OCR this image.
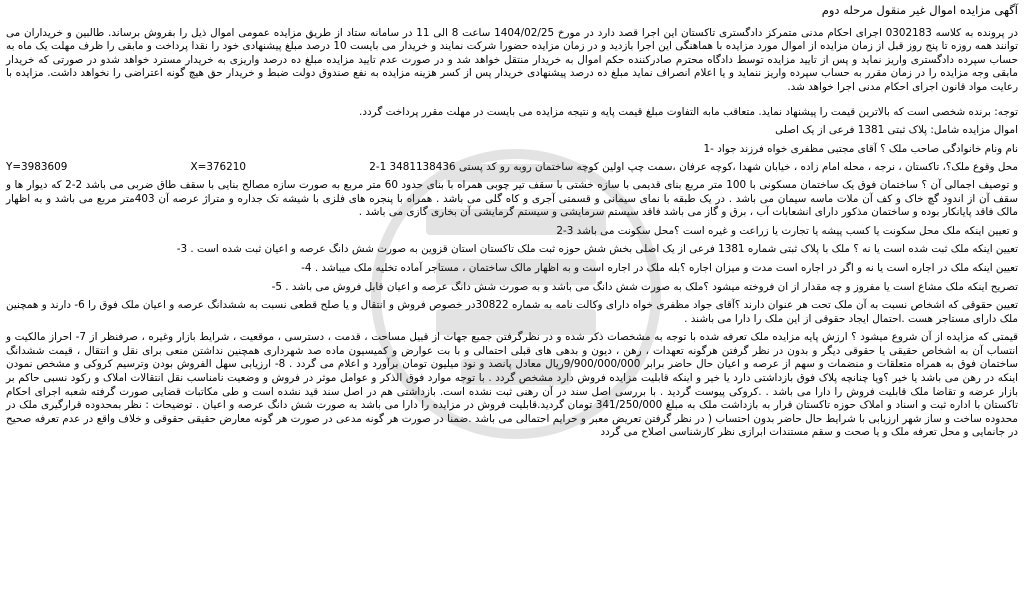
آگهی مزایده اموال غیر منقول مرحله دوم

در پرونده به کلاسه 0302183 اجرای احکام مدنی متمرکز دادگستری تاکستان این اجرا قصد دارد در مورخ 1404/02/25 ساعت 8 الی 11 در سامانه ستاد از طریق مزایده عمومی اموال ذیل را بفروش برساند. طالبین و خریداران می توانند همه روزه تا پنج روز قبل از زمان مزایده از اموال مورد مزایده با هماهنگی این اجرا بازدید و در زمان مزایده حضورا شرکت نمایند و خریدار می بایست 10 درصد مبلغ پیشنهادی خود را نقدا پرداخت و مابقی را ظرف مهلت یک ماه به حساب سپرده دادگستری واریز نماید و پس از تایید مزایده توسط دادگاه محترم صادرکننده حکم اموال به خریدار منتقل خواهد شد و در صورت عدم تایید مزایده مبلغ ده درصد واریزی به خریدار مسترد خواهد شدو در صورتی که خریدار مابقی وجه مزایده را در زمان مقرر به حساب سپرده واریز ننماید و یا اعلام انصراف نماید مبلغ ده درصد پیشنهادی خریدار پس از کسر هزینه مزایده به نفع صندوق دولت ضبط و خریدار حق هیچ گونه اعتراضی را نخواهد داشت. مزایده با رعایت مواد قانون اجرای احکام مدنی اجرا خواهد شد.

توجه: برنده شخصی است که بالاترین قیمت را پیشنهاد نماید. متعاقب مابه التفاوت مبلغ قیمت پایه و نتیجه مزایده می بایست در مهلت مقرر پرداخت گردد.

اموال مزایده شامل: پلاک ثبتی 1381 فرعی از یک اصلی

نام ونام خانوادگی صاحب ملک ؟ آقای مجتبی مظفری خواه فرزند جواد -1

محل وقوع ملک؟، تاکستان ، نرجه ، محله امام زاده ، خیابان شهدا ،کوچه عرفان ،سمت چپ اولین کوچه ساختمان روبه رو کد پستی 3481138436 1-2
X=376210
Y=3983609

و توصیف اجمالی آن ؟ ساختمان فوق یک ساختمان مسکونی با 100 متر مربع بنای قدیمی با سازه خشتی با سقف تیر چوبی همراه با بنای حدود 60 متر مربع به صورت سازه مصالح بنایی با سقف طاق ضربی می باشد 2-2 که دیوار ها و سقف آن از اندود گچ خاک و کف آن ملات ماسه سیمان می باشد . در یک طبقه با نمای سیمانی و قسمتی آجری و کاه گلی می باشد . همراه با پنجره های فلزی با شیشه تک جداره و متراژ عرصه آن 403متر مربع می باشد و به اظهار مالک فاقد پایانکار بوده و ساختمان مذکور دارای انشعابات آب ، برق و گاز می باشد فاقد سیستم سرمایشی و سیستم گرمایشی آن بخاری گازی می باشد .

و تعیین اینکه ملک محل سکونت یا کسب پیشه یا تجارت یا زراعت و غیره است ؟محل سکونت می باشد 3-2

تعیین اینکه ملک ثبت شده است یا نه ؟ ملک با پلاک ثبتی شماره 1381 فرعی از یک اصلی بخش شش حوزه ثبت ملک تاکستان استان قزوین به صورت شش دانگ عرصه و اعیان ثبت شده است . 3-

تعیین اینکه ملک در اجاره است یا نه و اگر در اجاره است مدت و میزان اجاره ؟بله ملک در اجاره است و به اظهار مالک ساختمان ، مستاجر آماده تخلیه ملک میباشد . 4-

تصریح اینکه ملک مشاع است یا مفروز و چه مقدار از ان فروخته میشود ؟ملک به صورت شش دانگ می باشد و به صورت شش دانگ عرصه و اعیان قابل فروش می باشد . 5-

تعیین حقوقی که اشخاص نسبت به آن ملک تحت هر عنوان دارند ؟آقای جواد مظفری خواه دارای وکالت نامه به شماره 30822در خصوص فروش و انتقال و یا صلح قطعی نسبت به ششدانگ عرصه و اعیان ملک فوق را 6- دارند و همچنین ملک دارای مستاجر هست .احتمال ایجاد حقوقی از این ملک را دارا می باشند .

قیمتی که مزایده از آن شروع میشود ؟ ارزش پایه مزایده ملک تعرفه شده با توجه به مشخصات ذکر شده و در نظرگرفتن جمیع جهات از قبیل مساحت ، قدمت ، دسترسی ، موقعیت ، شرایط بازار وغیره ، صرفنظر از 7- احراز مالکیت و انتساب آن به اشخاص حقیقی یا حقوقی دیگر و بدون در نظر گرفتن هرگونه تعهدات ، رهن ، دیون و بدهی های قبلی احتمالی و با بت عوارض و کمیسیون ماده صد شهرداری همچنین نداشتن منعی برای نقل و انتقال ، قیمت ششدانگ ساختمان فوق به همراه متعلقات و منضمات و سهم از عرصه و اعیان حال حاضر برابر 9/900/000/000ریال معادل پانصد و نود میلیون تومان برآورد و اعلام می گردد . 8- ارزیابی سهل الفروش بودن وترسیم کروکی و مشخص نمودن اینکه در رهن می باشد یا خیر ؟ویا چنانچه پلاک فوق بازداشتی دارد یا خیر و اینکه قابلیت مزایده فروش دارد مشخص گردد . با توجه موارد فوق الذکر و عوامل موثر در فروش و وضعیت نامناسب نقل انتقالات املاک و رکود نسبی حاکم بر بازار عرضه و تقاضا ملک قابلیت فروش را دارا می باشد . .کروکی پیوست گردید . با بررسی اصل سند در آن رهنی ثبت نشده است. بازداشتی هم در اصل سند قید نشده است و طی مکاتبات قضایی صورت گرفته شعبه اجرای احکام تاکستان با اداره ثبت و اسناد و املاک حوزه تاکستان قرار به بازداشت ملک به مبلغ 341/250/000 تومان گردید.قابلیت فروش در مزایده را دارا می باشد به صورت شش دانگ عرصه و اعیان . توضیحات : نظر بمحدوده قرارگیری ملک در محدوده ساخت و ساز شهر ارزیابی با شرایط حال حاضر بدون احتساب ( در نظر گرفتن تعریض معبر و حرایم احتمالی می باشد .ضمنا در صورت هر گونه مدعی در صورت هر گونه معارض حقیقی حقوقی و خلاف واقع در عدم تعرفه صحیح در جانمایی و محل تعرفه ملک و یا صحت و سقم مستندات ابرازی نظر کارشناسی اصلاح می گردد
